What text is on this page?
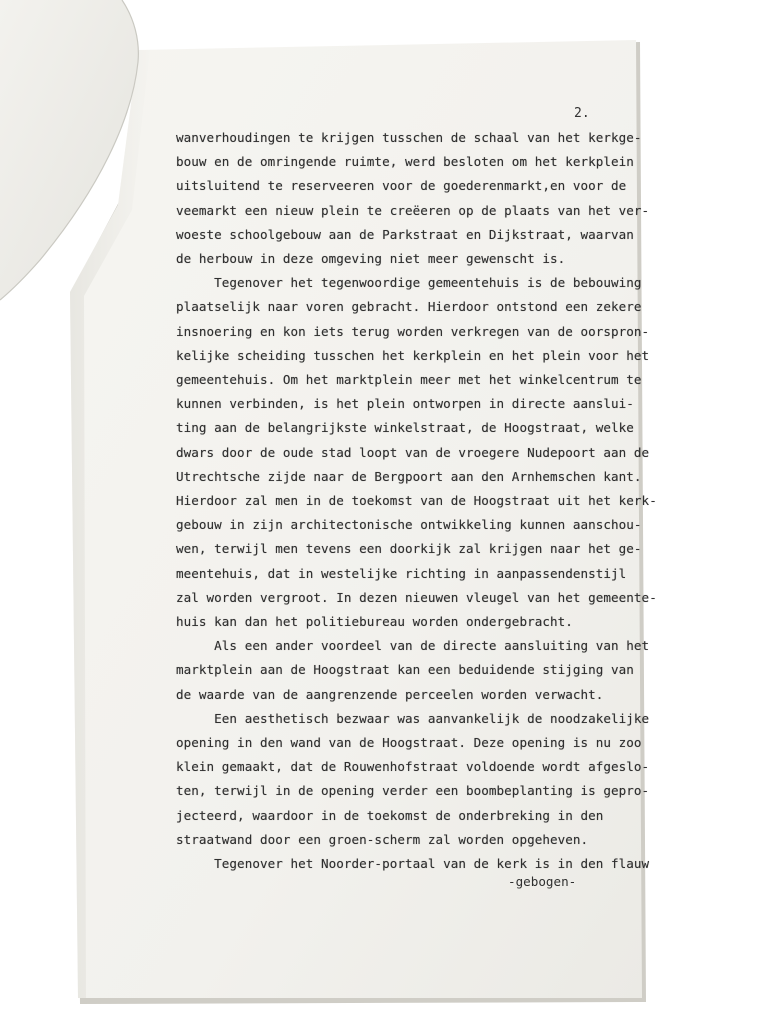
2.

wanverhoudingen te krijgen tusschen de schaal van het kerkge-

bouw en de omringende ruimte, werd besloten om het kerkplein

uitsluitend te reserveeren voor de goederenmarkt,en voor de

veemarkt een nieuw plein te creëeren op de plaats van het ver-

woeste schoolgebouw aan de Parkstraat en Dijkstraat, waarvan

de herbouw in deze omgeving niet meer gewenscht is.

Tegenover het tegenwoordige gemeentehuis is de bebouwing

plaatselijk naar voren gebracht. Hierdoor ontstond een zekere

insnoering en kon iets terug worden verkregen van de oorspron-

kelijke scheiding tusschen het kerkplein en het plein voor het

gemeentehuis. Om het marktplein meer met het winkelcentrum te

kunnen verbinden, is het plein ontworpen in directe aanslui-

ting aan de belangrijkste winkelstraat, de Hoogstraat, welke

dwars door de oude stad loopt van de vroegere Nudepoort aan de

Utrechtsche zijde naar de Bergpoort aan den Arnhemschen kant.

Hierdoor zal men in de toekomst van de Hoogstraat uit het kerk-

gebouw in zijn architectonische ontwikkeling kunnen aanschou-

wen, terwijl men tevens een doorkijk zal krijgen naar het ge-

meentehuis, dat in westelijke richting in aanpassendenstijl

zal worden vergroot. In dezen nieuwen vleugel van het gemeente-

huis kan dan het politiebureau worden ondergebracht.

Als een ander voordeel van de directe aansluiting van het

marktplein aan de Hoogstraat kan een beduidende stijging van

de waarde van de aangrenzende perceelen worden verwacht.

Een aesthetisch bezwaar was aanvankelijk de noodzakelijke

opening in den wand van de Hoogstraat. Deze opening is nu zoo

klein gemaakt, dat de Rouwenhofstraat voldoende wordt afgeslo-

ten, terwijl in de opening verder een boombeplanting is gepro-

jecteerd, waardoor in de toekomst de onderbreking in den

straatwand door een groen-scherm zal worden opgeheven.

Tegenover het Noorder-portaal van de kerk is in den flauw

-gebogen-
